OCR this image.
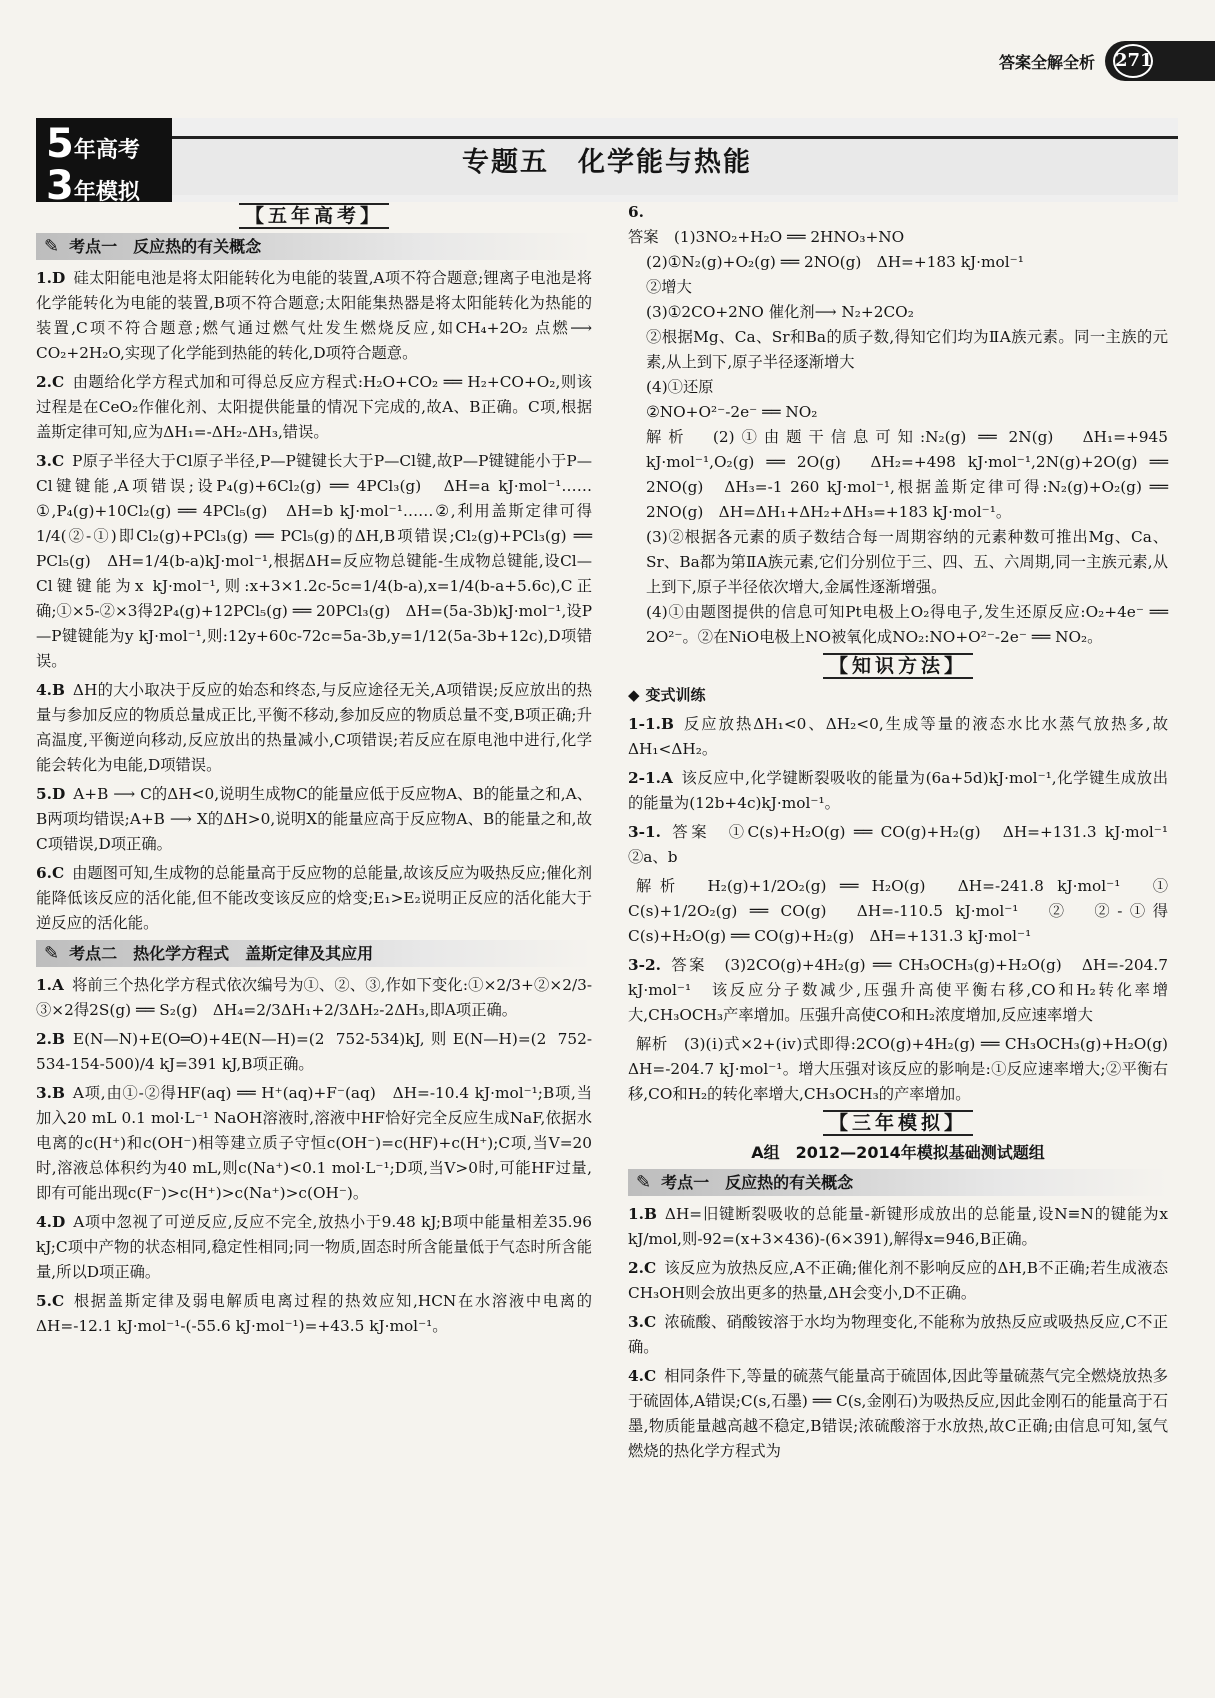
答案全解全析 271
5年高考
3年模拟
专题五　化学能与热能
【五年高考】
✎ 考点一　反应热的有关概念
1.D 硅太阳能电池是将太阳能转化为电能的装置,A项不符合题意;锂离子电池是将化学能转化为电能的装置,B项不符合题意;太阳能集热器是将太阳能转化为热能的装置,C项不符合题意;燃气通过燃气灶发生燃烧反应,如CH₄+2O₂ 点燃⟶ CO₂+2H₂O,实现了化学能到热能的转化,D项符合题意。
2.C 由题给化学方程式加和可得总反应方程式:H₂O+CO₂ ══ H₂+CO+O₂,则该过程是在CeO₂作催化剂、太阳提供能量的情况下完成的,故A、B正确。C项,根据盖斯定律可知,应为ΔH₁=-ΔH₂-ΔH₃,错误。
3.C P原子半径大于Cl原子半径,P—P键键长大于P—Cl键,故P—P键键能小于P—Cl键键能,A项错误;设P₄(g)+6Cl₂(g) ══ 4PCl₃(g)　ΔH=a kJ·mol⁻¹……①,P₄(g)+10Cl₂(g) ══ 4PCl₅(g)　ΔH=b kJ·mol⁻¹……②,利用盖斯定律可得1/4(②-①)即Cl₂(g)+PCl₃(g) ══ PCl₅(g)的ΔH,B项错误;Cl₂(g)+PCl₃(g) ══ PCl₅(g)　ΔH=1/4(b-a)kJ·mol⁻¹,根据ΔH=反应物总键能-生成物总键能,设Cl—Cl键键能为x kJ·mol⁻¹,则:x+3×1.2c-5c=1/4(b-a),x=1/4(b-a+5.6c),C正确;①×5-②×3得2P₄(g)+12PCl₅(g) ══ 20PCl₃(g)　ΔH=(5a-3b)kJ·mol⁻¹,设P—P键键能为y kJ·mol⁻¹,则:12y+60c-72c=5a-3b,y=1/12(5a-3b+12c),D项错误。
4.B ΔH的大小取决于反应的始态和终态,与反应途径无关,A项错误;反应放出的热量与参加反应的物质总量成正比,平衡不移动,参加反应的物质总量不变,B项正确;升高温度,平衡逆向移动,反应放出的热量减小,C项错误;若反应在原电池中进行,化学能会转化为电能,D项错误。
5.D A+B ⟶ C的ΔH<0,说明生成物C的能量应低于反应物A、B的能量之和,A、B两项均错误;A+B ⟶ X的ΔH>0,说明X的能量应高于反应物A、B的能量之和,故C项错误,D项正确。
6.C 由题图可知,生成物的总能量高于反应物的总能量,故该反应为吸热反应;催化剂能降低该反应的活化能,但不能改变该反应的焓变;E₁>E₂说明正反应的活化能大于逆反应的活化能。
✎ 考点二　热化学方程式　盖斯定律及其应用
1.A 将前三个热化学方程式依次编号为①、②、③,作如下变化:①×2/3+②×2/3-③×2得2S(g) ══ S₂(g)　ΔH₄=2/3ΔH₁+2/3ΔH₂-2ΔH₃,即A项正确。
2.B E(N—N)+E(O═O)+4E(N—H)=(2 752-534)kJ,则E(N—H)=(2 752-534-154-500)/4 kJ=391 kJ,B项正确。
3.B A项,由①-②得HF(aq) ══ H⁺(aq)+F⁻(aq)　ΔH=-10.4 kJ·mol⁻¹;B项,当加入20 mL 0.1 mol·L⁻¹ NaOH溶液时,溶液中HF恰好完全反应生成NaF,依据水电离的c(H⁺)和c(OH⁻)相等建立质子守恒c(OH⁻)=c(HF)+c(H⁺);C项,当V=20时,溶液总体积约为40 mL,则c(Na⁺)<0.1 mol·L⁻¹;D项,当V>0时,可能HF过量,即有可能出现c(F⁻)>c(H⁺)>c(Na⁺)>c(OH⁻)。
4.D A项中忽视了可逆反应,反应不完全,放热小于9.48 kJ;B项中能量相差35.96 kJ;C项中产物的状态相同,稳定性相同;同一物质,固态时所含能量低于气态时所含能量,所以D项正确。
5.C 根据盖斯定律及弱电解质电离过程的热效应知,HCN在水溶液中电离的ΔH=-12.1 kJ·mol⁻¹-(-55.6 kJ·mol⁻¹)=+43.5 kJ·mol⁻¹。
6.
答案　(1)3NO₂+H₂O ══ 2HNO₃+NO
(2)①N₂(g)+O₂(g) ══ 2NO(g)　ΔH=+183 kJ·mol⁻¹
②增大
(3)①2CO+2NO 催化剂⟶ N₂+2CO₂
②根据Mg、Ca、Sr和Ba的质子数,得知它们均为ⅡA族元素。同一主族的元素,从上到下,原子半径逐渐增大
(4)①还原
②NO+O²⁻-2e⁻ ══ NO₂
解析　(2)①由题干信息可知:N₂(g) ══ 2N(g)　ΔH₁=+945 kJ·mol⁻¹,O₂(g) ══ 2O(g)　ΔH₂=+498 kJ·mol⁻¹,2N(g)+2O(g) ══ 2NO(g)　ΔH₃=-1 260 kJ·mol⁻¹,根据盖斯定律可得:N₂(g)+O₂(g) ══ 2NO(g)　ΔH=ΔH₁+ΔH₂+ΔH₃=+183 kJ·mol⁻¹。
(3)②根据各元素的质子数结合每一周期容纳的元素种数可推出Mg、Ca、Sr、Ba都为第ⅡA族元素,它们分别位于三、四、五、六周期,同一主族元素,从上到下,原子半径依次增大,金属性逐渐增强。
(4)①由题图提供的信息可知Pt电极上O₂得电子,发生还原反应:O₂+4e⁻ ══ 2O²⁻。②在NiO电极上NO被氧化成NO₂:NO+O²⁻-2e⁻ ══ NO₂。
【知识方法】
◆ 变式训练
1-1.B 反应放热ΔH₁<0、ΔH₂<0,生成等量的液态水比水蒸气放热多,故ΔH₁<ΔH₂。
2-1.A 该反应中,化学键断裂吸收的能量为(6a+5d)kJ·mol⁻¹,化学键生成放出的能量为(12b+4c)kJ·mol⁻¹。
3-1. 答案　①C(s)+H₂O(g) ══ CO(g)+H₂(g)　ΔH=+131.3 kJ·mol⁻¹　②a、b
解析　H₂(g)+1/2O₂(g) ══ H₂O(g)　ΔH=-241.8 kJ·mol⁻¹　①　C(s)+1/2O₂(g) ══ CO(g)　ΔH=-110.5 kJ·mol⁻¹　②　②-①得C(s)+H₂O(g) ══ CO(g)+H₂(g)　ΔH=+131.3 kJ·mol⁻¹
3-2. 答案　(3)2CO(g)+4H₂(g) ══ CH₃OCH₃(g)+H₂O(g)　ΔH=-204.7 kJ·mol⁻¹　该反应分子数减少,压强升高使平衡右移,CO和H₂转化率增大,CH₃OCH₃产率增加。压强升高使CO和H₂浓度增加,反应速率增大
解析　(3)(ⅰ)式×2+(ⅳ)式即得:2CO(g)+4H₂(g) ══ CH₃OCH₃(g)+H₂O(g)　ΔH=-204.7 kJ·mol⁻¹。增大压强对该反应的影响是:①反应速率增大;②平衡右移,CO和H₂的转化率增大,CH₃OCH₃的产率增加。
【三年模拟】
A组　2012—2014年模拟基础测试题组
✎ 考点一　反应热的有关概念
1.B ΔH=旧键断裂吸收的总能量-新键形成放出的总能量,设N≡N的键能为x kJ/mol,则-92=(x+3×436)-(6×391),解得x=946,B正确。
2.C 该反应为放热反应,A不正确;催化剂不影响反应的ΔH,B不正确;若生成液态CH₃OH则会放出更多的热量,ΔH会变小,D不正确。
3.C 浓硫酸、硝酸铵溶于水均为物理变化,不能称为放热反应或吸热反应,C不正确。
4.C 相同条件下,等量的硫蒸气能量高于硫固体,因此等量硫蒸气完全燃烧放热多于硫固体,A错误;C(s,石墨) ══ C(s,金刚石)为吸热反应,因此金刚石的能量高于石墨,物质能量越高越不稳定,B错误;浓硫酸溶于水放热,故C正确;由信息可知,氢气燃烧的热化学方程式为
